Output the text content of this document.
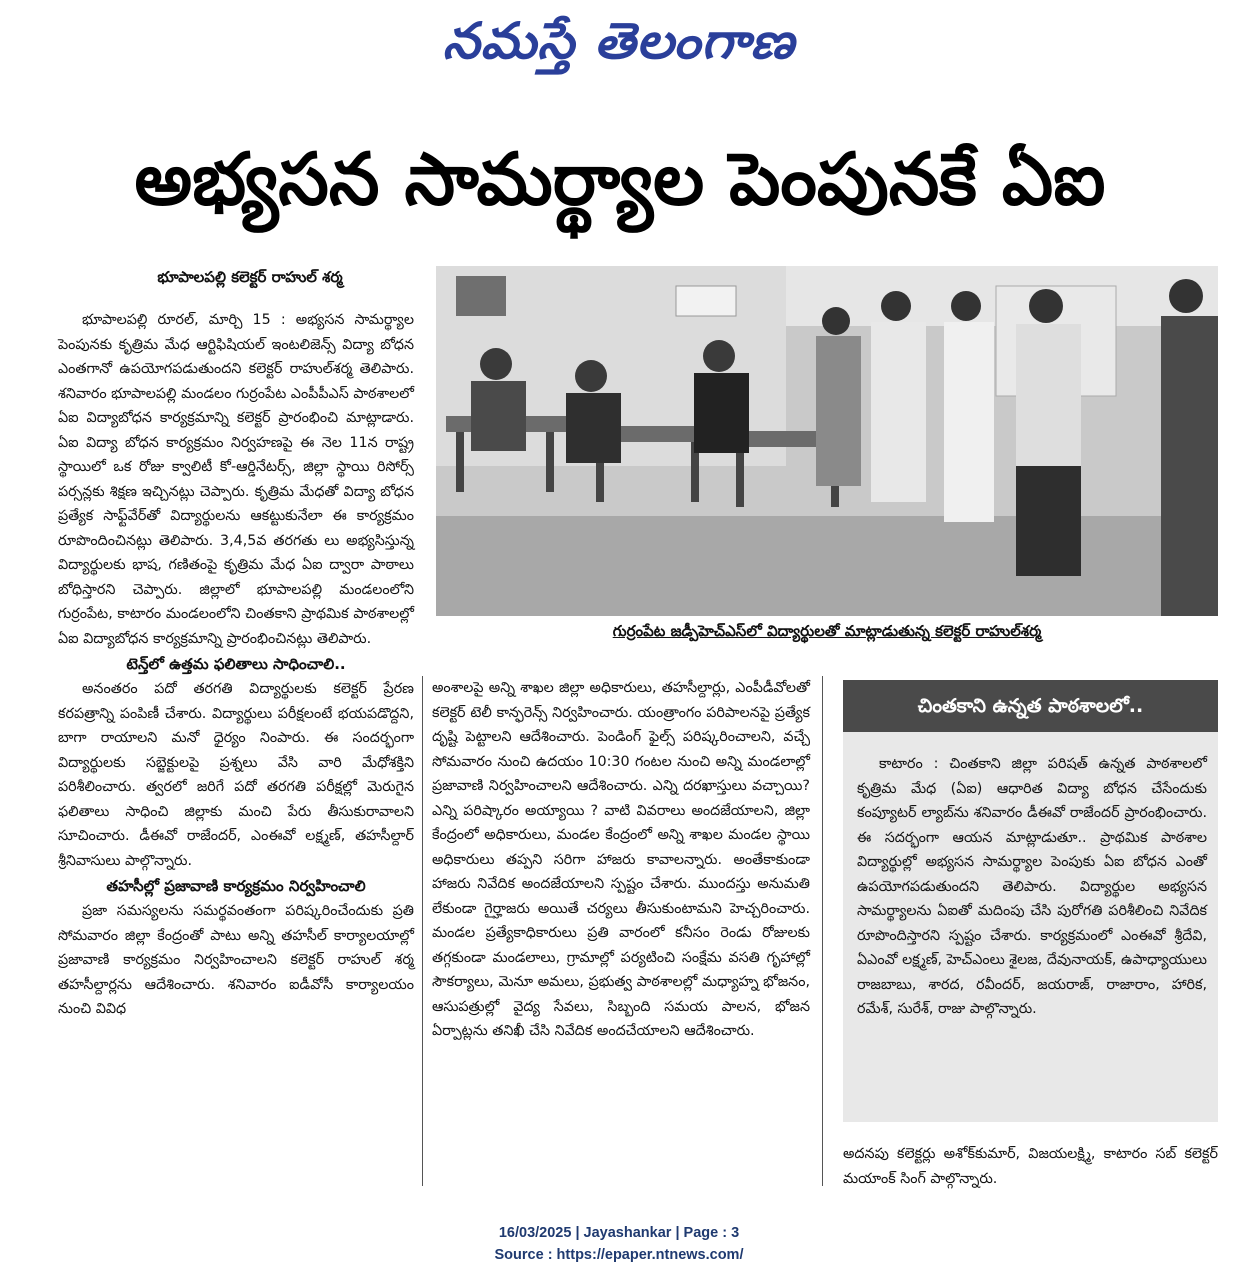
నమస్తే తెలంగాణ
అభ్యసన సామర్థ్యాల పెంపునకే ఏఐ
భూపాలపల్లి కలెక్టర్ రాహుల్ శర్మ

భూపాలపల్లి రూరల్, మార్చి 15 : అభ్యసన సామర్థ్యాల పెంపునకు కృత్రిమ మేధ ఆర్టిఫిషియల్ ఇంటలిజెన్స్ విద్యా బోధన ఎంతగానో ఉపయోగపడుతుందని కలెక్టర్ రాహుల్‌శర్మ తెలిపారు. శనివారం భూపాలపల్లి మండలం గుర్రంపేట ఎంపీపీఎస్ పాఠశాలలో ఏఐ విద్యాబోధన కార్యక్రమాన్ని కలెక్టర్ ప్రారంభించి మాట్లాడారు. ఏఐ విద్యా బోధన కార్యక్రమం నిర్వహణపై ఈ నెల 11న రాష్ట్ర స్థాయిలో ఒక రోజు క్వాలిటీ కో-ఆర్డినేటర్స్, జిల్లా స్థాయి రిసోర్స్ పర్సన్లకు శిక్షణ ఇచ్చినట్లు చెప్పారు. కృత్రిమ మేధతో విద్యా బోధన ప్రత్యేక సాఫ్ట్‌వేర్‌తో విద్యార్థులను ఆకట్టుకునేలా ఈ కార్యక్రమం రూపొందించినట్లు తెలిపారు. 3,4,5వ తరగతు లు అభ్యసిస్తున్న విద్యార్థులకు భాష, గణితంపై కృత్రిమ మేధ ఏఐ ద్వారా పాఠాలు బోధిస్తారని చెప్పారు. జిల్లాలో భూపాలపల్లి మండలంలోని గుర్రంపేట, కాటారం మండలంలోని చింతకాని ప్రాథమిక పాఠశాలల్లో ఏఐ విద్యాబోధన కార్యక్రమాన్ని ప్రారంభించినట్లు తెలిపారు.

టెన్త్‌లో ఉత్తమ ఫలితాలు సాధించాలి..

అనంతరం పదో తరగతి విద్యార్థులకు కలెక్టర్ ప్రేరణ కరపత్రాన్ని పంపిణీ చేశారు. విద్యార్థులు పరీక్షలంటే భయపడొద్దని, బాగా రాయాలని మనో ధైర్యం నింపారు. ఈ సందర్భంగా విద్యార్థులకు సబ్జెక్టులపై ప్రశ్నలు వేసి వారి మేధోశక్తిని పరిశీలించారు. త్వరలో జరిగే పదో తరగతి పరీక్షల్లో మెరుగైన ఫలితాలు సాధించి జిల్లాకు మంచి పేరు తీసుకురావాలని సూచించారు. డీఈవో రాజేందర్, ఎంఈవో లక్ష్మణ్, తహసీల్దార్ శ్రీనివాసులు పాల్గొన్నారు.

తహసీల్లో ప్రజావాణి కార్యక్రమం నిర్వహించాలి

ప్రజా సమస్యలను సమర్థవంతంగా పరిష్కరించేందుకు ప్రతి సోమవారం జిల్లా కేంద్రంతో పాటు అన్ని తహసీల్ కార్యాలయాల్లో ప్రజావాణి కార్యక్రమం నిర్వహించాలని కలెక్టర్ రాహుల్ శర్మ తహసీల్దార్లను ఆదేశించారు. శనివారం ఐడీవోసీ కార్యాలయం నుంచి వివిధ

గుర్రంపేట జడ్పీహెచ్ఎస్‌లో విద్యార్థులతో మాట్లాడుతున్న కలెక్టర్ రాహుల్‌శర్మ

అంశాలపై అన్ని శాఖల జిల్లా అధికారులు, తహసీల్దార్లు, ఎంపీడీవోలతో కలెక్టర్ టెలీ కాన్ఫరెన్స్ నిర్వహించారు. యంత్రాంగం పరిపాలనపై ప్రత్యేక దృష్టి పెట్టాలని ఆదేశించారు. పెండింగ్ ఫైల్స్ పరిష్కరించాలని, వచ్చే సోమవారం నుంచి ఉదయం 10:30 గంటల నుంచి అన్ని మండలాల్లో ప్రజావాణి నిర్వహించాలని ఆదేశించారు. ఎన్ని దరఖాస్తులు వచ్చాయి? ఎన్ని పరిష్కారం అయ్యాయి ? వాటి వివరాలు అందజేయాలని, జిల్లా కేంద్రంలో అధికారులు, మండల కేంద్రంలో అన్ని శాఖల మండల స్థాయి అధికారులు తప్పని సరిగా హాజరు కావాలన్నారు. అంతేకాకుండా హాజరు నివేదిక అందజేయాలని స్పష్టం చేశారు. ముందస్తు అనుమతి లేకుండా గైర్హాజరు అయితే చర్యలు తీసుకుంటామని హెచ్చరించారు. మండల ప్రత్యేకాధికారులు ప్రతి వారంలో కనీసం రెండు రోజులకు తగ్గకుండా మండలాలు, గ్రామాల్లో పర్యటించి సంక్షేమ వసతి గృహాల్లో సౌకర్యాలు, మెనూ అమలు, ప్రభుత్వ పాఠశాలల్లో మధ్యాహ్న భోజనం, ఆసుపత్రుల్లో వైద్య సేవలు, సిబ్బంది సమయ పాలన, భోజన ఏర్పాట్లను తనిఖీ చేసి నివేదిక అందచేయాలని ఆదేశించారు.

చింతకాని ఉన్నత పాఠశాలలో..

కాటారం : చింతకాని జిల్లా పరిషత్ ఉన్నత పాఠశాలలో కృత్రిమ మేధ (ఏఐ) ఆధారిత విద్యా బోధన చేసేందుకు కంప్యూటర్ ల్యాబ్‌ను శనివారం డీఈవో రాజేందర్ ప్రారంభించారు. ఈ సదర్భంగా ఆయన మాట్లాడుతూ.. ప్రాథమిక పాఠశాల విద్యార్థుల్లో అభ్యసన సామర్థ్యాల పెంపుకు ఏఐ బోధన ఎంతో ఉపయోగపడుతుందని తెలిపారు. విద్యార్థుల అభ్యసన సామర్థ్యాలను ఏఐతో మదింపు చేసి పురోగతి పరిశీలించి నివేదిక రూపొందిస్తారని స్పష్టం చేశారు. కార్యక్రమంలో ఎంఈవో శ్రీదేవి, ఏఎంవో లక్ష్మణ్, హెచ్ఎంలు శైలజ, దేవునాయక్, ఉపాధ్యాయులు రాజబాబు, శారద, రవీందర్, జయరాజ్, రాజారాం, హారిక, రమేశ్, సురేశ్, రాజు పాల్గొన్నారు.

అదనపు కలెక్టర్లు అశోక్‌కుమార్, విజయలక్ష్మి, కాటారం సబ్ కలెక్టర్ మయాంక్ సింగ్ పాల్గొన్నారు.

16/03/2025 | Jayashankar | Page : 3
Source : https://epaper.ntnews.com/
